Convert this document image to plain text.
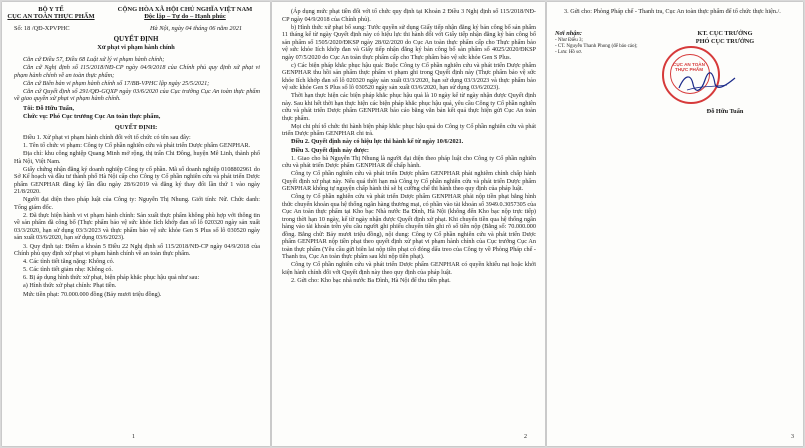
BỘ Y TẾ
CỤC AN TOÀN THỰC PHẨM
CỘNG HÒA XÃ HỘI CHỦ NGHĨA VIỆT NAM
Độc lập – Tự do – Hạnh phúc
Số: 18 /QĐ-XPVPHC	Hà Nội, ngày 04 tháng 06 năm 2021
QUYẾT ĐỊNH
Xử phạt vi phạm hành chính

Căn cứ Điều 57, Điều 68 Luật xử lý vi phạm hành chính;

Căn cứ Nghị định số 115/2018/NĐ-CP ngày 04/9/2018 của Chính phủ quy định xử phạt vi phạm hành chính về an toàn thực phẩm;

Căn cứ Biên bản vi phạm hành chính số 17/BB-VPHC lập ngày 25/5/2021;

Căn cứ Quyết định số 291/QĐ-GQXP ngày 03/6/2020 của Cục trưởng Cục An toàn thực phẩm về giao quyền xử phạt vi phạm hành chính.

Tôi: Đỗ Hữu Tuấn,
Chức vụ: Phó Cục trưởng Cục An toàn thực phẩm,
QUYẾT ĐỊNH:

Điều 1. Xử phạt vi phạm hành chính đối với tổ chức có tên sau đây:

1. Tên tổ chức vi phạm: Công ty Cổ phần nghiên cứu và phát triển Dược phẩm GENPHAR.

Địa chỉ: khu công nghiệp Quang Minh mở rộng, thị trấn Chi Đông, huyện Mê Linh, thành phố Hà Nội, Việt Nam.

Giấy chứng nhận đăng ký doanh nghiệp Công ty cổ phần. Mã số doanh nghiệp 0108802961 do Sở Kế hoạch và đầu tư thành phố Hà Nội cấp cho Công ty Cổ phần nghiên cứu và phát triển Dược phẩm GENPHAR đăng ký lần đầu ngày 28/6/2019 và đăng ký thay đổi lần thứ 1 vào ngày 21/8/2020.

Người đại diện theo pháp luật của Công ty: Nguyễn Thị Nhung. Giới tính: Nữ. Chức danh: Tổng giám đốc.

2. Đã thực hiện hành vi vi phạm hành chính: Sản xuất thực phẩm không phù hợp với thông tin về sản phẩm đã công bố (Thực phẩm bảo vệ sức khỏe Iích khớp đan số lô 020320 ngày sản xuất 03/3/2020, hạn sử dụng 03/3/2023 và thực phẩm bảo vệ sức khỏe Gen S Plus số lô 030520 ngày sản xuất 03/6/2020, hạn sử dụng 03/6/2023).

3. Quy định tại: Điểm a khoản 5 Điều 22 Nghị định số 115/2018/NĐ-CP ngày 04/9/2018 của Chính phủ quy định xử phạt vi phạm hành chính về an toàn thực phẩm.

4. Các tình tiết tăng nặng: Không có.

5. Các tình tiết giảm nhẹ: Không có.

6. Bị áp dụng hình thức xử phạt, biện pháp khắc phục hậu quả như sau:

a) Hình thức xử phạt chính: Phạt tiền.

Mức tiền phạt: 70.000.000 đồng (Bảy mươi triệu đồng).

1

(Áp dụng mức phạt tiền đối với tổ chức quy định tại Khoản 2 Điều 3 Nghị định số 115/2018/NĐ-CP ngày 04/9/2018 của Chính phủ).

b) Hình thức xử phạt bổ sung: Tước quyền sử dụng Giấy tiếp nhận đăng ký bản công bố sản phẩm 11 tháng kể từ ngày Quyết định này có hiệu lực thi hành đối với Giấy tiếp nhận đăng ký bản công bố sản phẩm số 1505/2020/ĐKSP ngày 28/02/2020 do Cục An toàn thực phẩm cấp cho Thực phẩm bảo vệ sức khỏe Iích khớp đan và Giấy tiếp nhận đăng ký bản công bố sản phẩm số 4025/2020/ĐKSP ngày 07/5/2020 do Cục An toàn thực phẩm cấp cho Thực phẩm bảo vệ sức khỏe Gen S Plus.

c) Các biện pháp khắc phục hậu quả: Buộc Công ty Cổ phần nghiên cứu và phát triển Dược phẩm GENPHAR thu hồi sản phẩm thực phẩm vi phạm ghi trong Quyết định này (Thực phẩm bảo vệ sức khỏe Iích khớp đan số lô 020320 ngày sản xuất 03/3/2020, hạn sử dụng 03/3/2023 và thực phẩm bảo vệ sức khỏe Gen S Plus số lô 030520 ngày sản xuất 03/6/2020, hạn sử dụng 03/6/2023).

Thời hạn thực hiện các biện pháp khắc phục hậu quả là 10 ngày kể từ ngày nhận được Quyết định này. Sau khi hết thời hạn thực hiện các biện pháp khắc phục hậu quả, yêu cầu Công ty Cổ phần nghiên cứu và phát triển Dược phẩm GENPHAR báo cáo bằng văn bản kết quả thực hiện gửi Cục An toàn thực phẩm.

Mọi chi phí tổ chức thi hành biện pháp khắc phục hậu quả do Công ty Cổ phần nghiên cứu và phát triển Dược phẩm GENPHAR chi trả.

Điều 2. Quyết định này có hiệu lực thi hành kể từ ngày 10/6/2021.

Điều 3. Quyết định này được:

1. Giao cho bà Nguyễn Thị Nhung là người đại diện theo pháp luật cho Công ty Cổ phần nghiên cứu và phát triển Dược phẩm GENPHAR để chấp hành.

Công ty Cổ phần nghiên cứu và phát triển Dược phẩm GENPHAR phải nghiêm chỉnh chấp hành Quyết định xử phạt này. Nếu quá thời hạn mà Công ty Cổ phần nghiên cứu và phát triển Dược phẩm GENPHAR không tự nguyện chấp hành thì sẽ bị cưỡng chế thi hành theo quy định của pháp luật.

Công ty Cổ phần nghiên cứu và phát triển Dược phẩm GENPHAR phải nộp tiền phạt bằng hình thức chuyển khoản qua hệ thống ngân hàng thương mại, có phần vào tài khoản số 3949.0.3057305 của Cục An toàn thực phẩm tại Kho bạc Nhà nước Ba Đình, Hà Nội (không đến Kho bạc nộp trực tiếp) trong thời hạn 10 ngày, kể từ ngày nhận được Quyết định xử phạt. Khi chuyển tiền qua hệ thống ngân hàng vào tài khoản trên yêu cầu người ghi phiếu chuyển tiền ghi rõ số tiền nộp (Bằng số: 70.000.000 đồng. Bằng chữ: Bảy mươi triệu đồng), nội dung: Công ty Cổ phần nghiên cứu và phát triển Dược phẩm GENPHAR nộp tiền phạt theo quyết định xử phạt vi phạm hành chính của Cục trưởng Cục An toàn thực phẩm (Yêu cầu gửi biên lai nộp tiền phạt có đóng dấu treo của Công ty về Phòng Pháp chế - Thanh tra, Cục An toàn thực phẩm sau khi nộp tiền phạt).

Công ty Cổ phần nghiên cứu và phát triển Dược phẩm GENPHAR có quyền khiếu nại hoặc khởi kiện hành chính đối với Quyết định này theo quy định của pháp luật.

2. Gửi cho: Kho bạc nhà nước Ba Đình, Hà Nội để thu tiền phạt.

2

3. Gửi cho: Phòng Pháp chế - Thanh tra, Cục An toàn thực phẩm để tổ chức thực hiện./.

Nơi nhận:
- Như Điều 3;
- CT. Nguyễn Thanh Phong (để báo cáo);
- Lưu: Hồ sơ.
KT. CỤC TRƯỞNG
PHÓ CỤC TRƯỞNG
CỤC AN TOÀN THỰC PHẨM
Đỗ Hữu Tuấn
3
